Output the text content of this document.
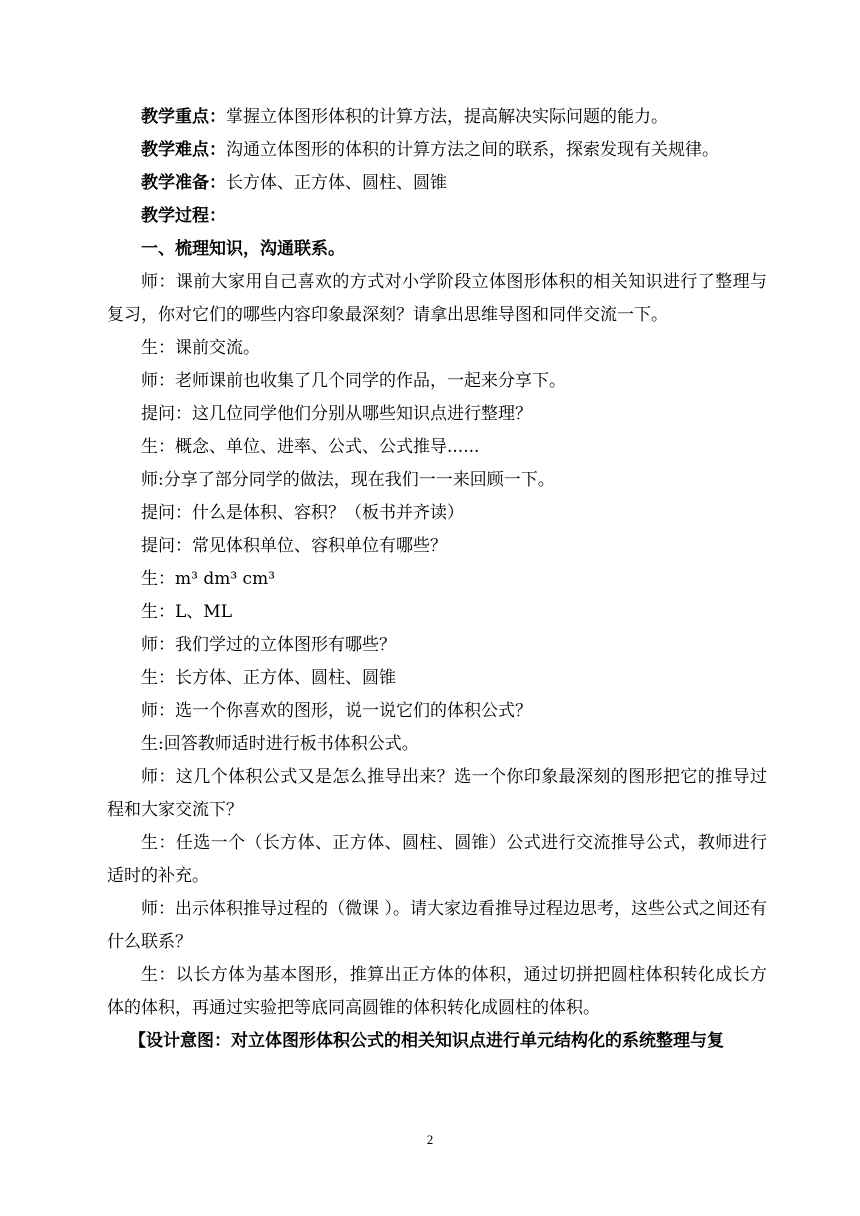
教学重点：掌握立体图形体积的计算方法，提高解决实际问题的能力。

教学难点：沟通立体图形的体积的计算方法之间的联系，探索发现有关规律。

教学准备：长方体、正方体、圆柱、圆锥

教学过程：

一、梳理知识，沟通联系。

师：课前大家用自己喜欢的方式对小学阶段立体图形体积的相关知识进行了整理与复习，你对它们的哪些内容印象最深刻？请拿出思维导图和同伴交流一下。

生：课前交流。

师：老师课前也收集了几个同学的作品，一起来分享下。

提问：这几位同学他们分别从哪些知识点进行整理？

生：概念、单位、进率、公式、公式推导......

师:分享了部分同学的做法，现在我们一一来回顾一下。

提问：什么是体积、容积？（板书并齐读）

提问：常见体积单位、容积单位有哪些？

生：m³ dm³ cm³

生：L、ML

师：我们学过的立体图形有哪些？

生：长方体、正方体、圆柱、圆锥

师：选一个你喜欢的图形，说一说它们的体积公式？

生:回答教师适时进行板书体积公式。

师：这几个体积公式又是怎么推导出来？选一个你印象最深刻的图形把它的推导过程和大家交流下？

生：任选一个（长方体、正方体、圆柱、圆锥）公式进行交流推导公式，教师进行适时的补充。

师：出示体积推导过程的（微课 ）。请大家边看推导过程边思考，这些公式之间还有什么联系？

生：以长方体为基本图形，推算出正方体的体积，通过切拼把圆柱体积转化成长方体的体积，再通过实验把等底同高圆锥的体积转化成圆柱的体积。

【设计意图：对立体图形体积公式的相关知识点进行单元结构化的系统整理与复

2
